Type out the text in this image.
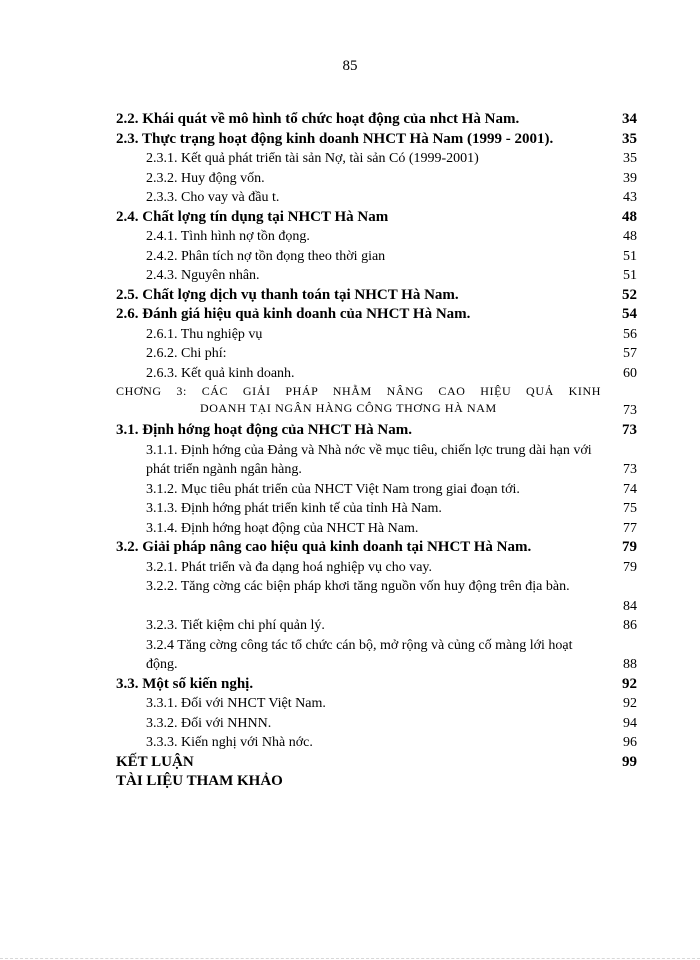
85
2.2. Khái quát về mô hình tổ chức hoạt động của nhct Hà Nam.	34
2.3. Thực trạng hoạt động kinh doanh NHCT Hà Nam (1999 - 2001).	35
2.3.1. Kết quả phát triển tài sản Nợ, tài sản Có (1999-2001)	35
2.3.2. Huy động vốn.	39
2.3.3. Cho vay và đầu t.	43
2.4. Chất lợng tín dụng tại NHCT Hà Nam	48
2.4.1. Tình hình nợ tồn đọng.	48
2.4.2. Phân tích nợ tồn đọng theo thời gian	51
2.4.3. Nguyên nhân.	51
2.5. Chất lợng dịch vụ thanh toán tại NHCT Hà Nam.	52
2.6. Đánh giá hiệu quả kinh doanh của NHCT Hà Nam.	54
2.6.1. Thu nghiệp vụ	56
2.6.2. Chi phí:	57
2.6.3. Kết quả kinh doanh.	60
CHƠNG 3: CÁC GIẢI PHÁP NHẰM NÂNG CAO HIỆU QUẢ KINH
DOANH TẠI NGÂN HÀNG CÔNG THƠNG HÀ NAM	73
3.1. Định hớng hoạt động của NHCT Hà Nam.	73
3.1.1. Định hớng của Đảng và Nhà nớc về mục tiêu, chiến lợc trung dài hạn với phát triển ngành ngân hàng.	73
3.1.2. Mục tiêu phát triển của NHCT Việt Nam trong giai đoạn tới.	74
3.1.3. Định hớng phát triển kinh tế của tỉnh Hà Nam.	75
3.1.4. Định hớng hoạt động của NHCT Hà Nam.	77
3.2. Giải pháp nâng cao hiệu quả kinh doanh tại NHCT Hà Nam.	79
3.2.1. Phát triển và đa dạng hoá nghiệp vụ cho vay.	79
3.2.2. Tăng cờng các biện pháp khơi tăng nguồn vốn huy động trên địa bàn.
84
3.2.3. Tiết kiệm chi phí quản lý.	86
3.2.4 Tăng cờng công tác tổ chức cán bộ, mở rộng và củng cố màng lới hoạt động.	88
3.3. Một số kiến nghị.	92
3.3.1. Đối với NHCT Việt Nam.	92
3.3.2. Đối với NHNN.	94
3.3.3. Kiến nghị với Nhà nớc.	96
KẾT LUẬN	99
TÀI LIỆU THAM KHẢO
